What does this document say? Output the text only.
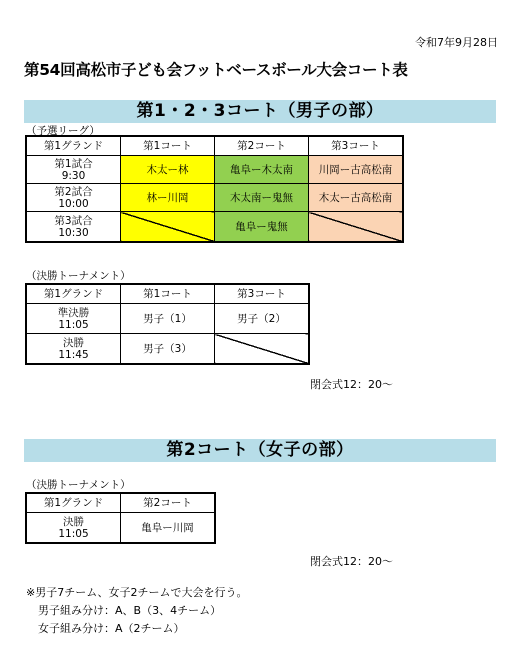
令和7年9月28日
第54回高松市子ども会フットベースボール大会コート表
第1・2・3コート（男子の部）
（予選リーグ）
第1グランド	第1コート	第2コート	第3コート

第1試合
9:30	木太ー林	亀阜ー木太南	川岡ー古高松南

第2試合
10:00	林ー川岡	木太南ー鬼無	木太ー古高松南

第3試合
10:30		亀阜ー鬼無	
（決勝トーナメント）
第1グランド	第1コート	第3コート

準決勝
11:05	男子（1）	男子（2）

決勝
11:45	男子（3）	
閉会式12：20～
第2コート（女子の部）
（決勝トーナメント）
第1グランド	第2コート

決勝
11:05	亀阜ー川岡
閉会式12：20～
※男子7チーム、女子2チームで大会を行う。
男子組み分け：A、B（3、4チーム）
女子組み分け：A（2チーム）
